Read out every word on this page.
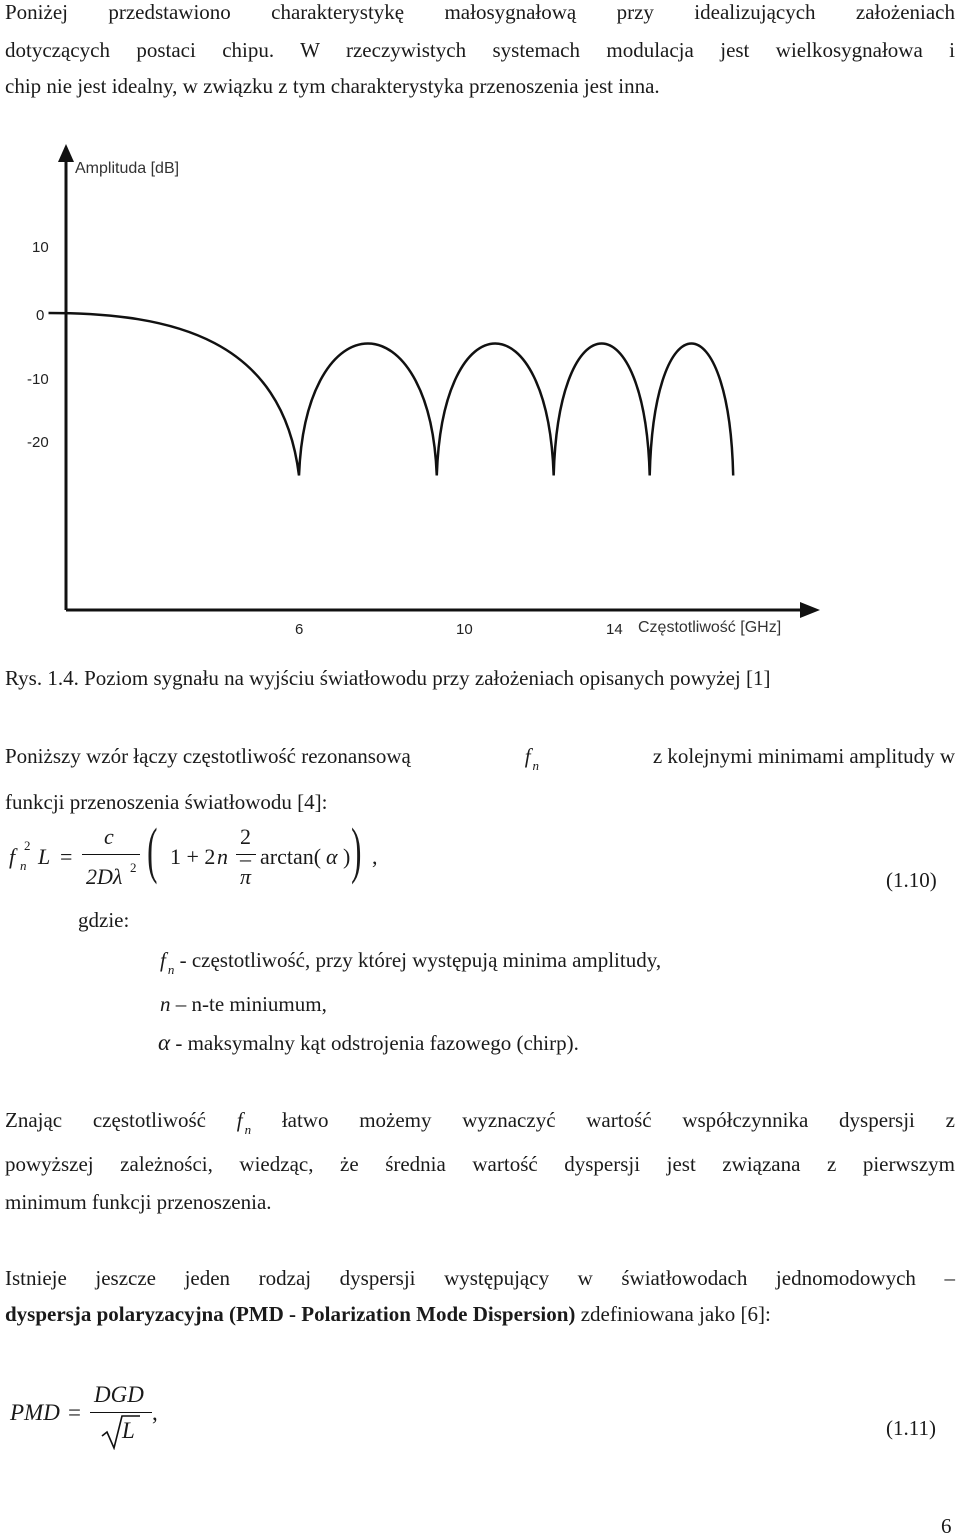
Poniżej przedstawiono charakterystykę małosygnałową przy idealizujących założeniach
dotyczących postaci chipu. W rzeczywistych systemach modulacja jest wielkosygnałowa i
chip nie jest idealny, w związku z tym charakterystyka przenoszenia jest inna.
Amplituda [dB]
Częstotliwość [GHz]
10
0
-10
-20
6	10	14
Rys. 1.4. Poziom sygnału na wyjściu światłowodu przy założeniach opisanych powyżej [1]
Poniższy wzór łączy częstotliwość rezonansową	f $_n$	z kolejnymi minimami amplitudy w
funkcji przenoszenia światłowodu [4]:
f 2
n L =
c
2Dλ 2 ( 1 + 2 n –
2
π
arctan( α ) ) ,
(1.10)
gdzie:
f $_n$ - częstotliwość, przy której występują minima amplitudy,
n – n-te miniumum,
α - maksymalny kąt odstrojenia fazowego (chirp).
Znając częstotliwość f $_n$ łatwo możemy wyznaczyć wartość współczynnika dyspersji z
powyższej zależności, wiedząc, że średnia wartość dyspersji jest związana z pierwszym
minimum funkcji przenoszenia.
Istnieje jeszcze jeden rodzaj dyspersji występujący w światłowodach jednomodowych –
dyspersja polaryzacyjna (PMD - Polarization Mode Dispersion) zdefiniowana jako [6]:
PMD =
DGD
L
,
(1.11)
6
